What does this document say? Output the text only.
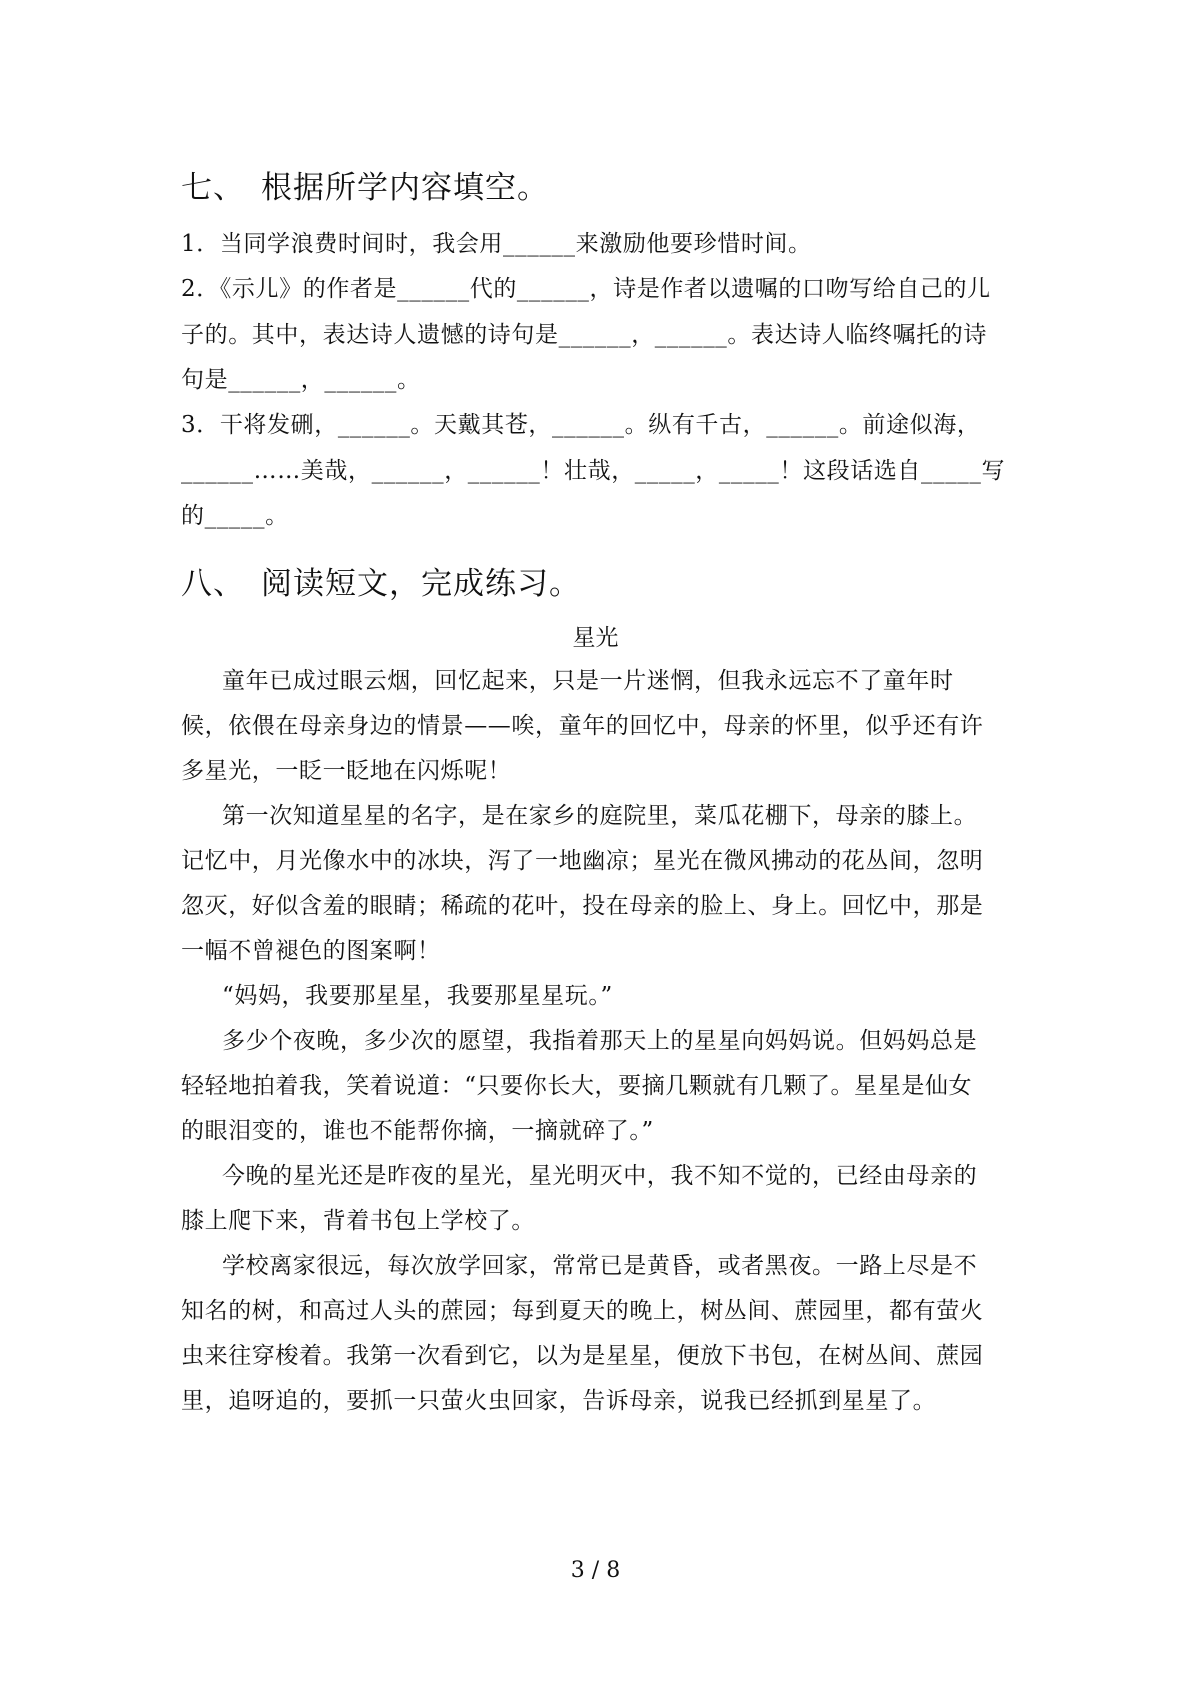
七、 根据所学内容填空。
1．当同学浪费时间时，我会用______来激励他要珍惜时间。
2．《示儿》的作者是______代的______，诗是作者以遗嘱的口吻写给自己的儿
子的。其中，表达诗人遗憾的诗句是______，______。表达诗人临终嘱托的诗
句是______，______。
3．干将发硎，______。天戴其苍，______。纵有千古，______。前途似海，
______……美哉，______，______！壮哉，_____，_____！这段话选自_____写
的_____。
八、 阅读短文，完成练习。
星光
童年已成过眼云烟，回忆起来，只是一片迷惘，但我永远忘不了童年时
候，依偎在母亲身边的情景——唉，童年的回忆中，母亲的怀里，似乎还有许
多星光，一眨一眨地在闪烁呢！
第一次知道星星的名字，是在家乡的庭院里，菜瓜花棚下，母亲的膝上。
记忆中，月光像水中的冰块，泻了一地幽凉；星光在微风拂动的花丛间，忽明
忽灭，好似含羞的眼睛；稀疏的花叶，投在母亲的脸上、身上。回忆中，那是
一幅不曾褪色的图案啊！
“妈妈，我要那星星，我要那星星玩。”
多少个夜晚，多少次的愿望，我指着那天上的星星向妈妈说。但妈妈总是
轻轻地拍着我，笑着说道：“只要你长大，要摘几颗就有几颗了。星星是仙女
的眼泪变的，谁也不能帮你摘，一摘就碎了。”
今晚的星光还是昨夜的星光，星光明灭中，我不知不觉的，已经由母亲的
膝上爬下来，背着书包上学校了。
学校离家很远，每次放学回家，常常已是黄昏，或者黑夜。一路上尽是不
知名的树，和高过人头的蔗园；每到夏天的晚上，树丛间、蔗园里，都有萤火
虫来往穿梭着。我第一次看到它，以为是星星，便放下书包，在树丛间、蔗园
里，追呀追的，要抓一只萤火虫回家，告诉母亲，说我已经抓到星星了。
3 / 8
